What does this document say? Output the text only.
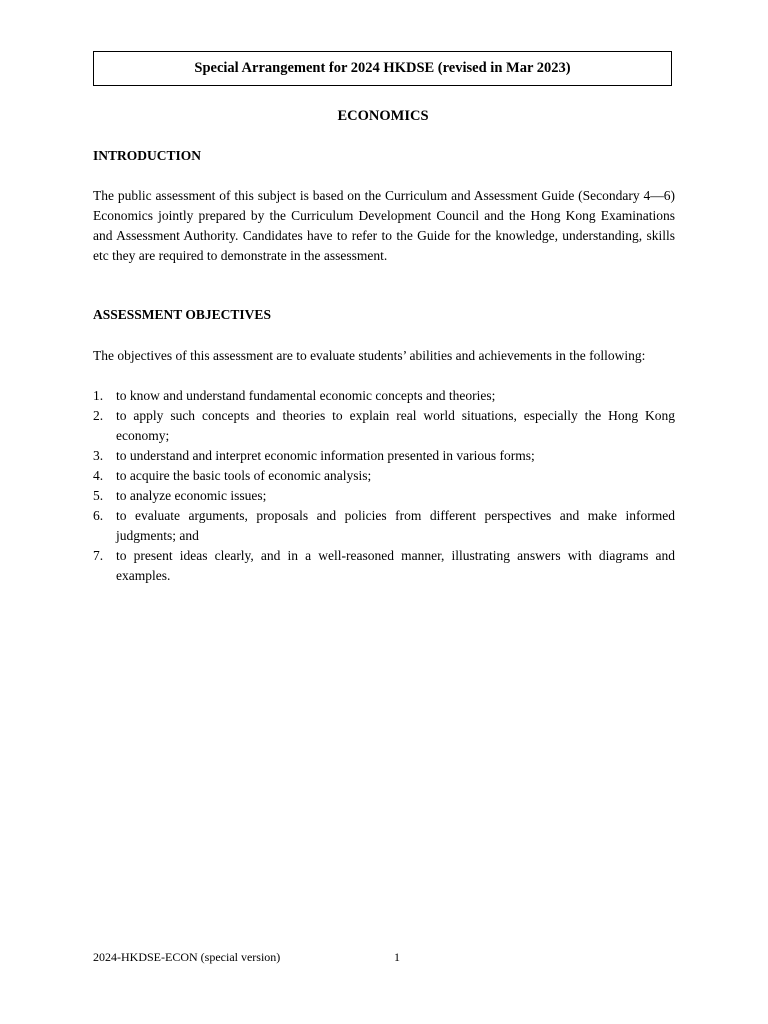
Special Arrangement for 2024 HKDSE (revised in Mar 2023)
ECONOMICS
INTRODUCTION
The public assessment of this subject is based on the Curriculum and Assessment Guide (Secondary 4—6) Economics jointly prepared by the Curriculum Development Council and the Hong Kong Examinations and Assessment Authority. Candidates have to refer to the Guide for the knowledge, understanding, skills etc they are required to demonstrate in the assessment.
ASSESSMENT OBJECTIVES
The objectives of this assessment are to evaluate students’ abilities and achievements in the following:
1. to know and understand fundamental economic concepts and theories;
2. to apply such concepts and theories to explain real world situations, especially the Hong Kong economy;
3. to understand and interpret economic information presented in various forms;
4. to acquire the basic tools of economic analysis;
5. to analyze economic issues;
6. to evaluate arguments, proposals and policies from different perspectives and make informed judgments; and
7. to present ideas clearly, and in a well-reasoned manner, illustrating answers with diagrams and examples.
2024-HKDSE-ECON (special version)	1
